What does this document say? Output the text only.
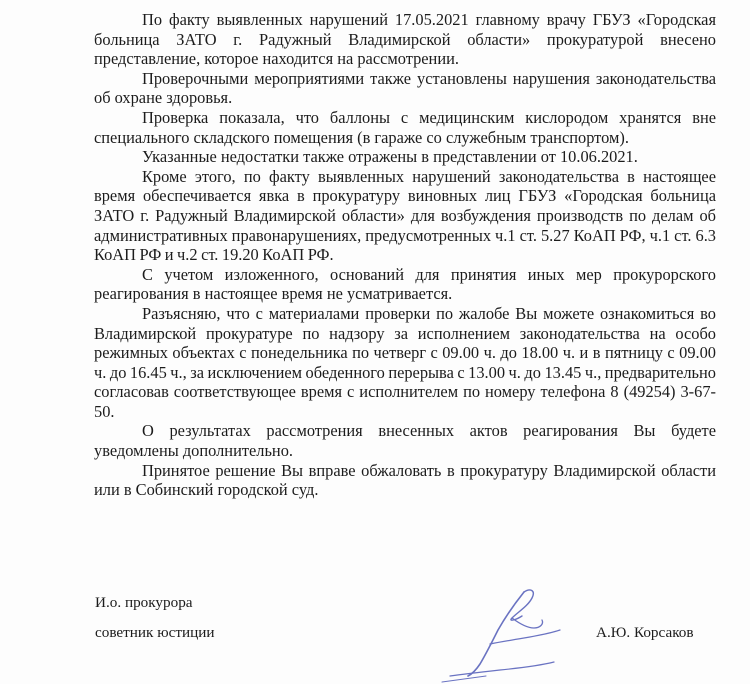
По факту выявленных нарушений 17.05.2021 главному врачу ГБУЗ «Городская больница ЗАТО г. Радужный Владимирской области» прокуратурой внесено представление, которое находится на рассмотрении.

Проверочными мероприятиями также установлены нарушения законодательства об охране здоровья.

Проверка показала, что баллоны с медицинским кислородом хранятся вне специального складского помещения (в гараже со служебным транспортом).

Указанные недостатки также отражены в представлении от 10.06.2021.

Кроме этого, по факту выявленных нарушений законодательства в настоящее время обеспечивается явка в прокуратуру виновных лиц ГБУЗ «Городская больница ЗАТО г. Радужный Владимирской области» для возбуждения производств по делам об административных правонарушениях, предусмотренных ч.1 ст. 5.27 КоАП РФ, ч.1 ст. 6.3 КоАП РФ и ч.2 ст. 19.20 КоАП РФ.

С учетом изложенного, оснований для принятия иных мер прокурорского реагирования в настоящее время не усматривается.

Разъясняю, что с материалами проверки по жалобе Вы можете ознакомиться во Владимирской прокуратуре по надзору за исполнением законодательства на особо режимных объектах с понедельника по четверг с 09.00 ч. до 18.00 ч. и в пятницу с 09.00 ч. до 16.45 ч., за исключением обеденного перерыва с 13.00 ч. до 13.45 ч., предварительно согласовав соответствующее время с исполнителем по номеру телефона 8 (49254) 3-67-50.

О результатах рассмотрения внесенных актов реагирования Вы будете уведомлены дополнительно.

Принятое решение Вы вправе обжаловать в прокуратуру Владимирской области или в Собинский городской суд.

И.о. прокурора
советник юстиции	А.Ю. Корсаков
